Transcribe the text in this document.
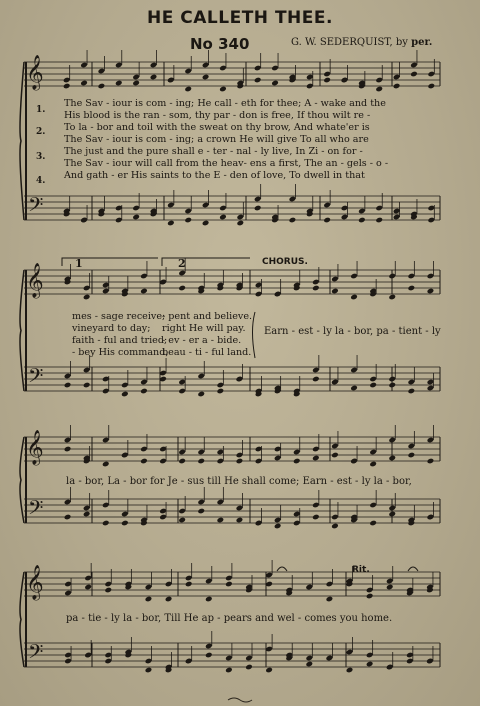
HE CALLETH THEE.
No 340	G. W. SEDERQUIST, by per.
𝄞
𝄢
𝄞
𝄢
𝄞
𝄢
𝄞
𝄢
1.
2.
3.
4.
The Sav - iour is com - ing; He call - eth for thee; A - wake and the
His blood is the ran - som, thy par - don is free, If thou wilt re -
To la - bor and toil with the sweat on thy brow, And whate'er is
The Sav - iour is com - ing; a crown He will give To all who are
The just and the pure shall e - ter - nal - ly live, In Zi - on for -
The Sav - iour will call from the heav- ens a first, The an - gels - o -
And gath - er His saints to the E - den of love, To dwell in that
1	2	CHORUS.
mes - sage receive;
vineyard to day;
faith - ful and tried;
- bey His command,
- pent and believe.
right He will pay.
- ev - er a - bide.
beau - ti - ful land.
Earn - est - ly la - bor, pa - tient - ly
la - bor, La - bor for Je - sus till He shall come; Earn - est - ly la - bor,
Rit.
pa - tie - ly la - bor, Till He ap - pears and wel - comes you home.
